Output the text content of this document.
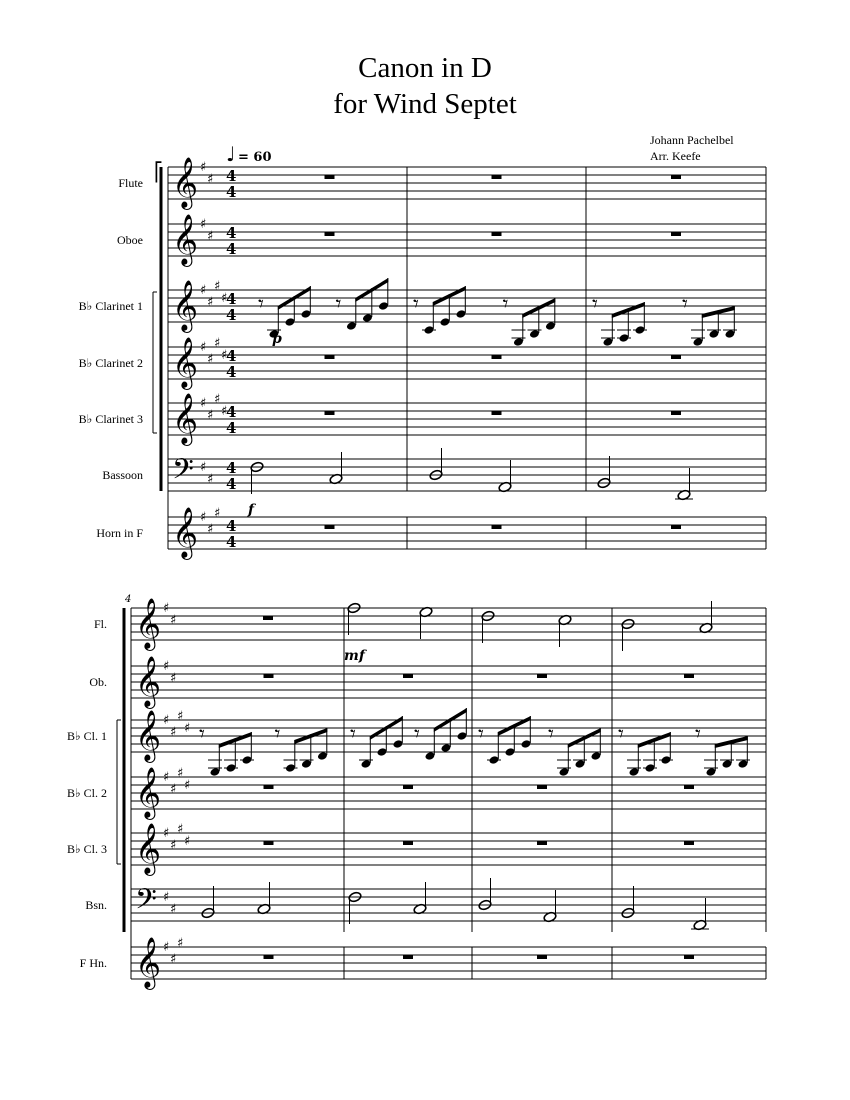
Canon in D
for Wind Septet
Johann Pachelbel
Arr. Keefe
⎡
♩ = 60
Flute 𝄞 ♯
♯ 4
4
Oboe 𝄞 ♯
♯ 4
4
B♭ Clarinet 1 𝄞 ♯
♯
♯
♯
4
4
B♭ Clarinet 2 𝄞 ♯
♯
♯
♯
4
4
B♭ Clarinet 3 𝄞 ♯
♯
♯
♯
4
4
Bassoon 𝄢 ♯
♯
4
4
Horn in F 𝄞 ♯
♯
♯
4
4
𝄾	𝄾	𝄾	𝄾	𝄾	𝄾
p
f
4
Fl. 𝄞 ♯
♯
Ob. 𝄞 ♯
♯
B♭ Cl. 1 𝄞 ♯
♯
♯
♯
B♭ Cl. 2 𝄞 ♯
♯
♯
♯
B♭ Cl. 3 𝄞 ♯
♯
♯
♯
Bsn. 𝄢 ♯
♯
F Hn. 𝄞 ♯
♯
♯
mf
𝄾	𝄾	𝄾	𝄾	𝄾	𝄾	𝄾	𝄾
